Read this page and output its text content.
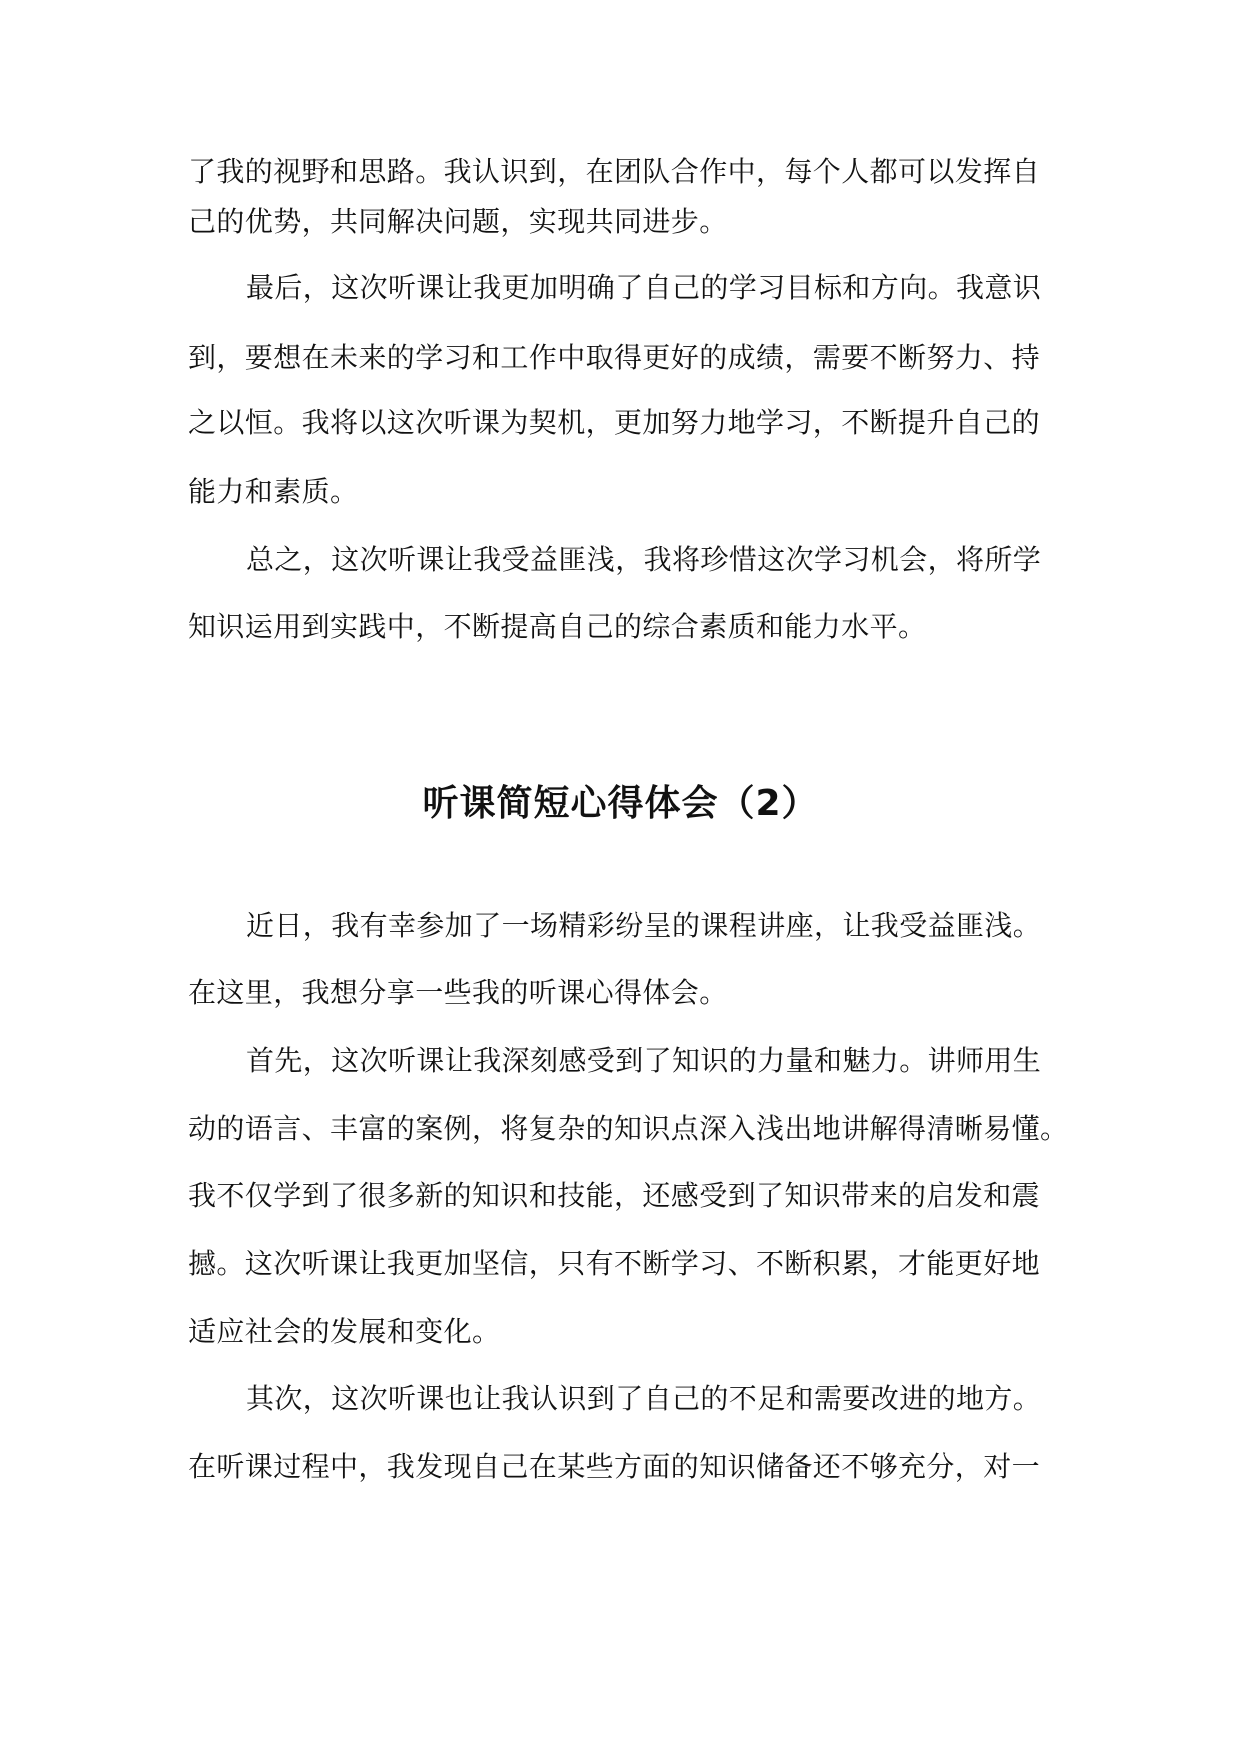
了我的视野和思路。我认识到，在团队合作中，每个人都可以发挥自
己的优势，共同解决问题，实现共同进步。
最后，这次听课让我更加明确了自己的学习目标和方向。我意识
到，要想在未来的学习和工作中取得更好的成绩，需要不断努力、持
之以恒。我将以这次听课为契机，更加努力地学习，不断提升自己的
能力和素质。
总之，这次听课让我受益匪浅，我将珍惜这次学习机会，将所学
知识运用到实践中，不断提高自己的综合素质和能力水平。
听课简短心得体会（2）
近日，我有幸参加了一场精彩纷呈的课程讲座，让我受益匪浅。
在这里，我想分享一些我的听课心得体会。
首先，这次听课让我深刻感受到了知识的力量和魅力。讲师用生
动的语言、丰富的案例，将复杂的知识点深入浅出地讲解得清晰易懂。
我不仅学到了很多新的知识和技能，还感受到了知识带来的启发和震
撼。这次听课让我更加坚信，只有不断学习、不断积累，才能更好地
适应社会的发展和变化。
其次，这次听课也让我认识到了自己的不足和需要改进的地方。
在听课过程中，我发现自己在某些方面的知识储备还不够充分，对一
